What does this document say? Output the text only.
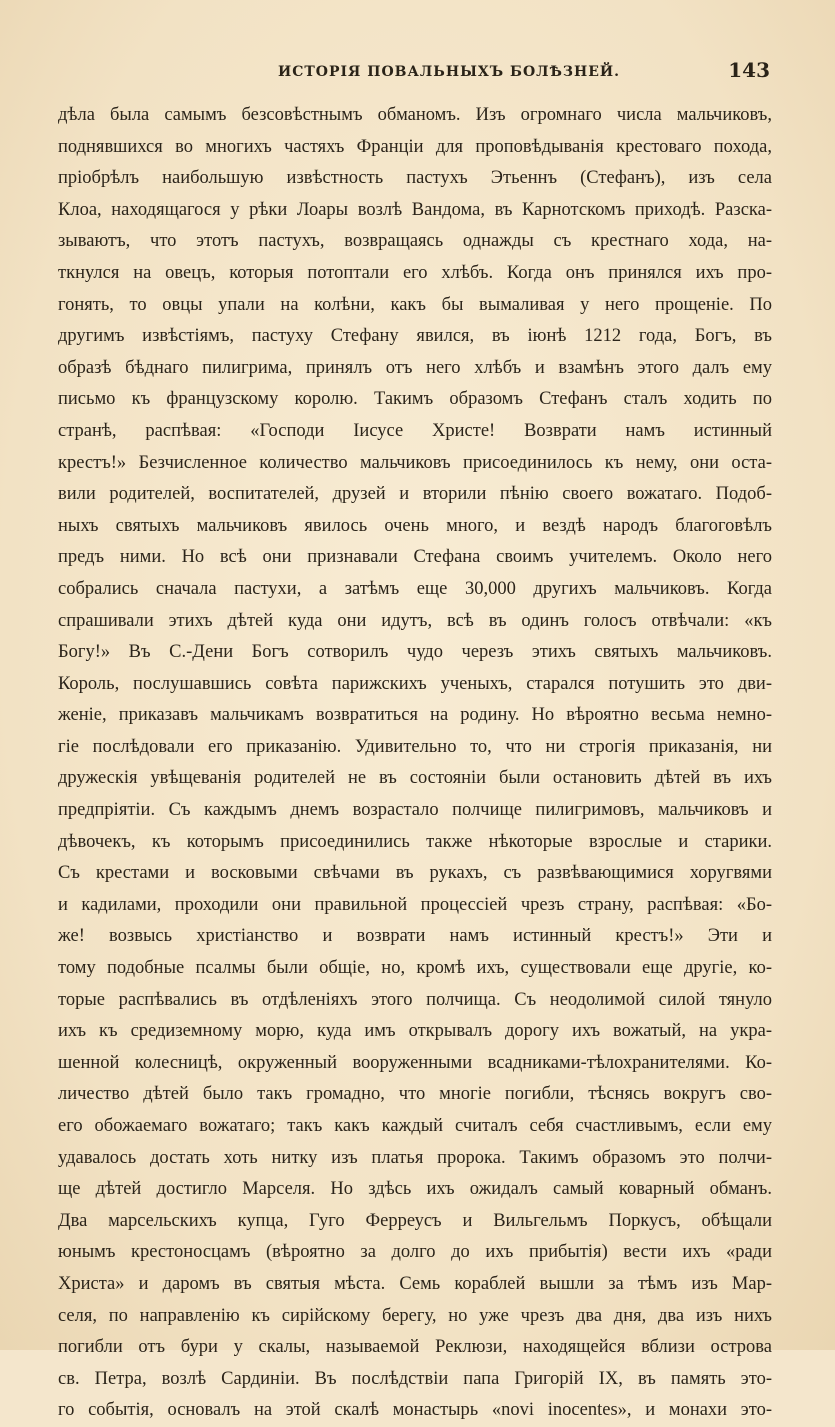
ИСТОРІЯ ПОВАЛЬНЫХЪ БОЛѢЗНЕЙ.	143
дѣла была самымъ безсовѣстнымъ обманомъ. Изъ огромнаго числа мальчиковъ,
поднявшихся во многихъ частяхъ Франціи для проповѣдыванія крестоваго похода,
пріобрѣлъ наибольшую извѣстность пастухъ Этьеннъ (Стефанъ), изъ села
Клоа, находящагося у рѣки Лоары возлѣ Вандома, въ Карнотскомъ приходѣ. Разска-
зываютъ, что этотъ пастухъ, возвращаясь однажды съ крестнаго хода, на-
ткнулся на овецъ, которыя потоптали его хлѣбъ. Когда онъ принялся ихъ про-
гонять, то овцы упали на колѣни, какъ бы вымаливая у него прощеніе. По
другимъ извѣстіямъ, пастуху Стефану явился, въ іюнѣ 1212 года, Богъ, въ
образѣ бѣднаго пилигрима, принялъ отъ него хлѣбъ и взамѣнъ этого далъ ему
письмо къ французскому королю. Такимъ образомъ Стефанъ сталъ ходить по
странѣ, распѣвая: «Господи Іисусе Христе! Возврати намъ истинный
крестъ!» Безчисленное количество мальчиковъ присоединилось къ нему, они оста-
вили родителей, воспитателей, друзей и вторили пѣнію своего вожатаго. Подоб-
ныхъ святыхъ мальчиковъ явилось очень много, и вездѣ народъ благоговѣлъ
предъ ними. Но всѣ они признавали Стефана своимъ учителемъ. Около него
собрались сначала пастухи, а затѣмъ еще 30,000 другихъ мальчиковъ. Когда
спрашивали этихъ дѣтей куда они идутъ, всѣ въ одинъ голосъ отвѣчали: «къ
Богу!» Въ С.-Дени Богъ сотворилъ чудо черезъ этихъ святыхъ мальчиковъ.
Король, послушавшись совѣта парижскихъ ученыхъ, старался потушить это дви-
женіе, приказавъ мальчикамъ возвратиться на родину. Но вѣроятно весьма немно-
гіе послѣдовали его приказанію. Удивительно то, что ни строгія приказанія, ни
дружескія увѣщеванія родителей не въ состояніи были остановить дѣтей въ ихъ
предпріятіи. Съ каждымъ днемъ возрастало полчище пилигримовъ, мальчиковъ и
дѣвочекъ, къ которымъ присоединились также нѣкоторые взрослые и старики.
Съ крестами и восковыми свѣчами въ рукахъ, съ развѣвающимися хоругвями
и кадилами, проходили они правильной процессіей чрезъ страну, распѣвая: «Бо-
же! возвысь христіанство и возврати намъ истинный крестъ!» Эти и
тому подобные псалмы были общіе, но, кромѣ ихъ, существовали еще другіе, ко-
торые распѣвались въ отдѣленіяхъ этого полчища. Съ неодолимой силой тянуло
ихъ къ средиземному морю, куда имъ открывалъ дорогу ихъ вожатый, на укра-
шенной колесницѣ, окруженный вооруженными всадниками-тѣлохранителями. Ко-
личество дѣтей было такъ громадно, что многіе погибли, тѣснясь вокругъ сво-
его обожаемаго вожатаго; такъ какъ каждый считалъ себя счастливымъ, если ему
удавалось достать хоть нитку изъ платья пророка. Такимъ образомъ это полчи-
ще дѣтей достигло Марселя. Но здѣсь ихъ ожидалъ самый коварный обманъ.
Два марсельскихъ купца, Гуго Ферреусъ и Вильгельмъ Поркусъ, обѣщали
юнымъ крестоносцамъ (вѣроятно за долго до ихъ прибытія) вести ихъ «ради
Христа» и даромъ въ святыя мѣста. Семь кораблей вышли за тѣмъ изъ Мар-
селя, по направленію къ сирійскому берегу, но уже чрезъ два дня, два изъ нихъ
погибли отъ бури у скалы, называемой Реклюзи, находящейся вблизи острова
св. Петра, возлѣ Сардиніи. Въ послѣдствіи папа Григорій IX, въ память это-
го событія, основалъ на этой скалѣ монастырь «novi inocentes», и монахи это-
